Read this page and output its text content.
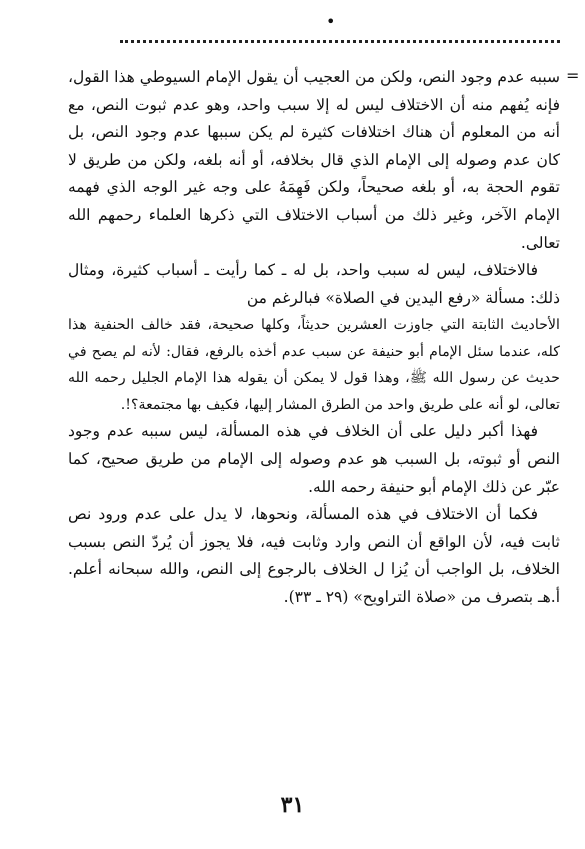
•
=

سببه عدم وجود النص، ولكن من العجيب أن يقول الإمام السيوطي هذا القول، فإنه يُفهم منه أن الاختلاف ليس له إلا سبب واحد، وهو عدم ثبوت النص، مع أنه من المعلوم أن هناك اختلافات كثيرة لم يكن سببها عدم وجود النص، بل كان عدم وصوله إلى الإمام الذي قال بخلافه، أو أنه بلغه، ولكن من طريق لا تقوم الحجة به، أو بلغه صحيحاً، ولكن فَهِمَهُ على وجه غير الوجه الذي فهمه الإمام الآخر، وغير ذلك من أسباب الاختلاف التي ذكرها العلماء رحمهم الله تعالى.

فالاختلاف، ليس له سبب واحد، بل له ـ كما رأيت ـ أسباب كثيرة، ومثال ذلك: مسألة «رفع اليدين في الصلاة» فبالرغم من

الأحاديث الثابتة التي جاوزت العشرين حديثاً، وكلها صحيحة، فقد خالف الحنفية هذا كله، عندما سئل الإمام أبو حنيفة عن سبب عدم أخذه بالرفع، فقال: لأنه لم يصح في حديث عن رسول الله ﷺ، وهذا قول لا يمكن أن يقوله هذا الإمام الجليل رحمه الله تعالى، لو أنه على طريق واحد من الطرق المشار إليها، فكيف بها مجتمعة؟!.

فهذا أكبر دليل على أن الخلاف في هذه المسألة، ليس سببه عدم وجود النص أو ثبوته، بل السبب هو عدم وصوله إلى الإمام من طريق صحيح، كما عبّر عن ذلك الإمام أبو حنيفة رحمه الله.

فكما أن الاختلاف في هذه المسألة، ونحوها، لا يدل على عدم ورود نص ثابت فيه، لأن الواقع أن النص وارد وثابت فيه، فلا يجوز أن يُردّ النص بسبب الخلاف، بل الواجب أن يُزا ل الخلاف بالرجوع إلى النص، والله سبحانه أعلم. أ.هـ بتصرف من «صلاة التراويح» (٢٩ ـ ٣٣).

٣١
